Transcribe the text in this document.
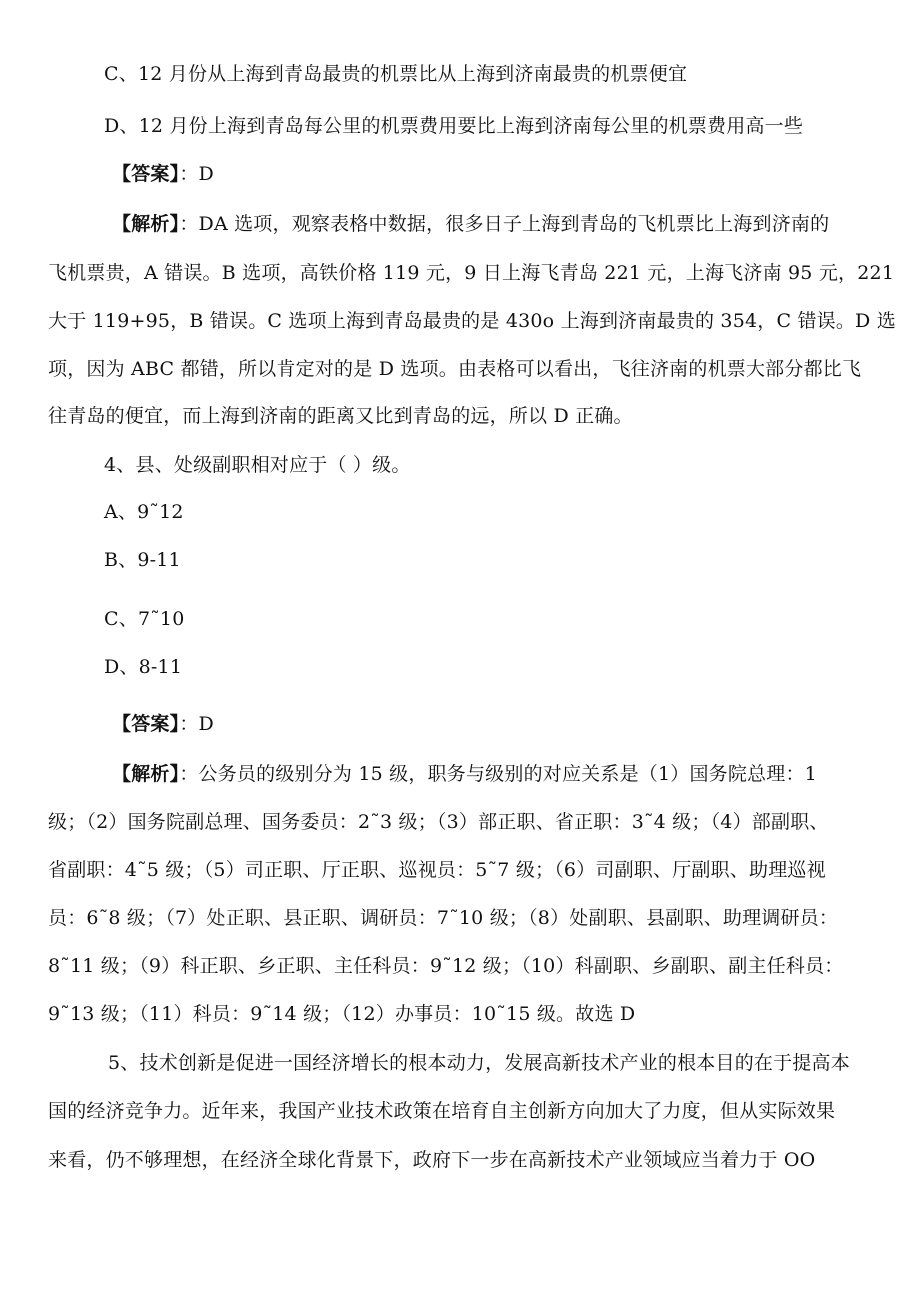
C、12 月份从上海到青岛最贵的机票比从上海到济南最贵的机票便宜
D、12 月份上海到青岛每公里的机票费用要比上海到济南每公里的机票费用高一些
【答案】：D
【解析】：DA 选项，观察表格中数据，很多日子上海到青岛的飞机票比上海到济南的
飞机票贵，A 错误。B 选项，高铁价格 119 元，9 日上海飞青岛 221 元，上海飞济南 95 元，221
大于 119+95，B 错误。C 选项上海到青岛最贵的是 430o 上海到济南最贵的 354，C 错误。D 选
项，因为 ABC 都错，所以肯定对的是 D 选项。由表格可以看出，飞往济南的机票大部分都比飞
往青岛的便宜，而上海到济南的距离又比到青岛的远，所以 D 正确。
4、县、处级副职相对应于（ ）级。
A、9˜12
B、9-11
C、7˜10
D、8-11
【答案】：D
【解析】：公务员的级别分为 15 级，职务与级别的对应关系是（1）国务院总理：1
级；（2）国务院副总理、国务委员：2˜3 级；（3）部正职、省正职：3˜4 级；（4）部副职、
省副职：4˜5 级；（5）司正职、厅正职、巡视员：5˜7 级；（6）司副职、厅副职、助理巡视
员：6˜8 级；（7）处正职、县正职、调研员：7˜10 级；（8）处副职、县副职、助理调研员：
8˜11 级；（9）科正职、乡正职、主任科员：9˜12 级；（10）科副职、乡副职、副主任科员：
9˜13 级；（11）科员：9˜14 级；（12）办事员：10˜15 级。故选 D
5、技术创新是促进一国经济增长的根本动力，发展高新技术产业的根本目的在于提高本
国的经济竞争力。近年来，我国产业技术政策在培育自主创新方向加大了力度，但从实际效果
来看，仍不够理想，在经济全球化背景下，政府下一步在高新技术产业领域应当着力于 OO
